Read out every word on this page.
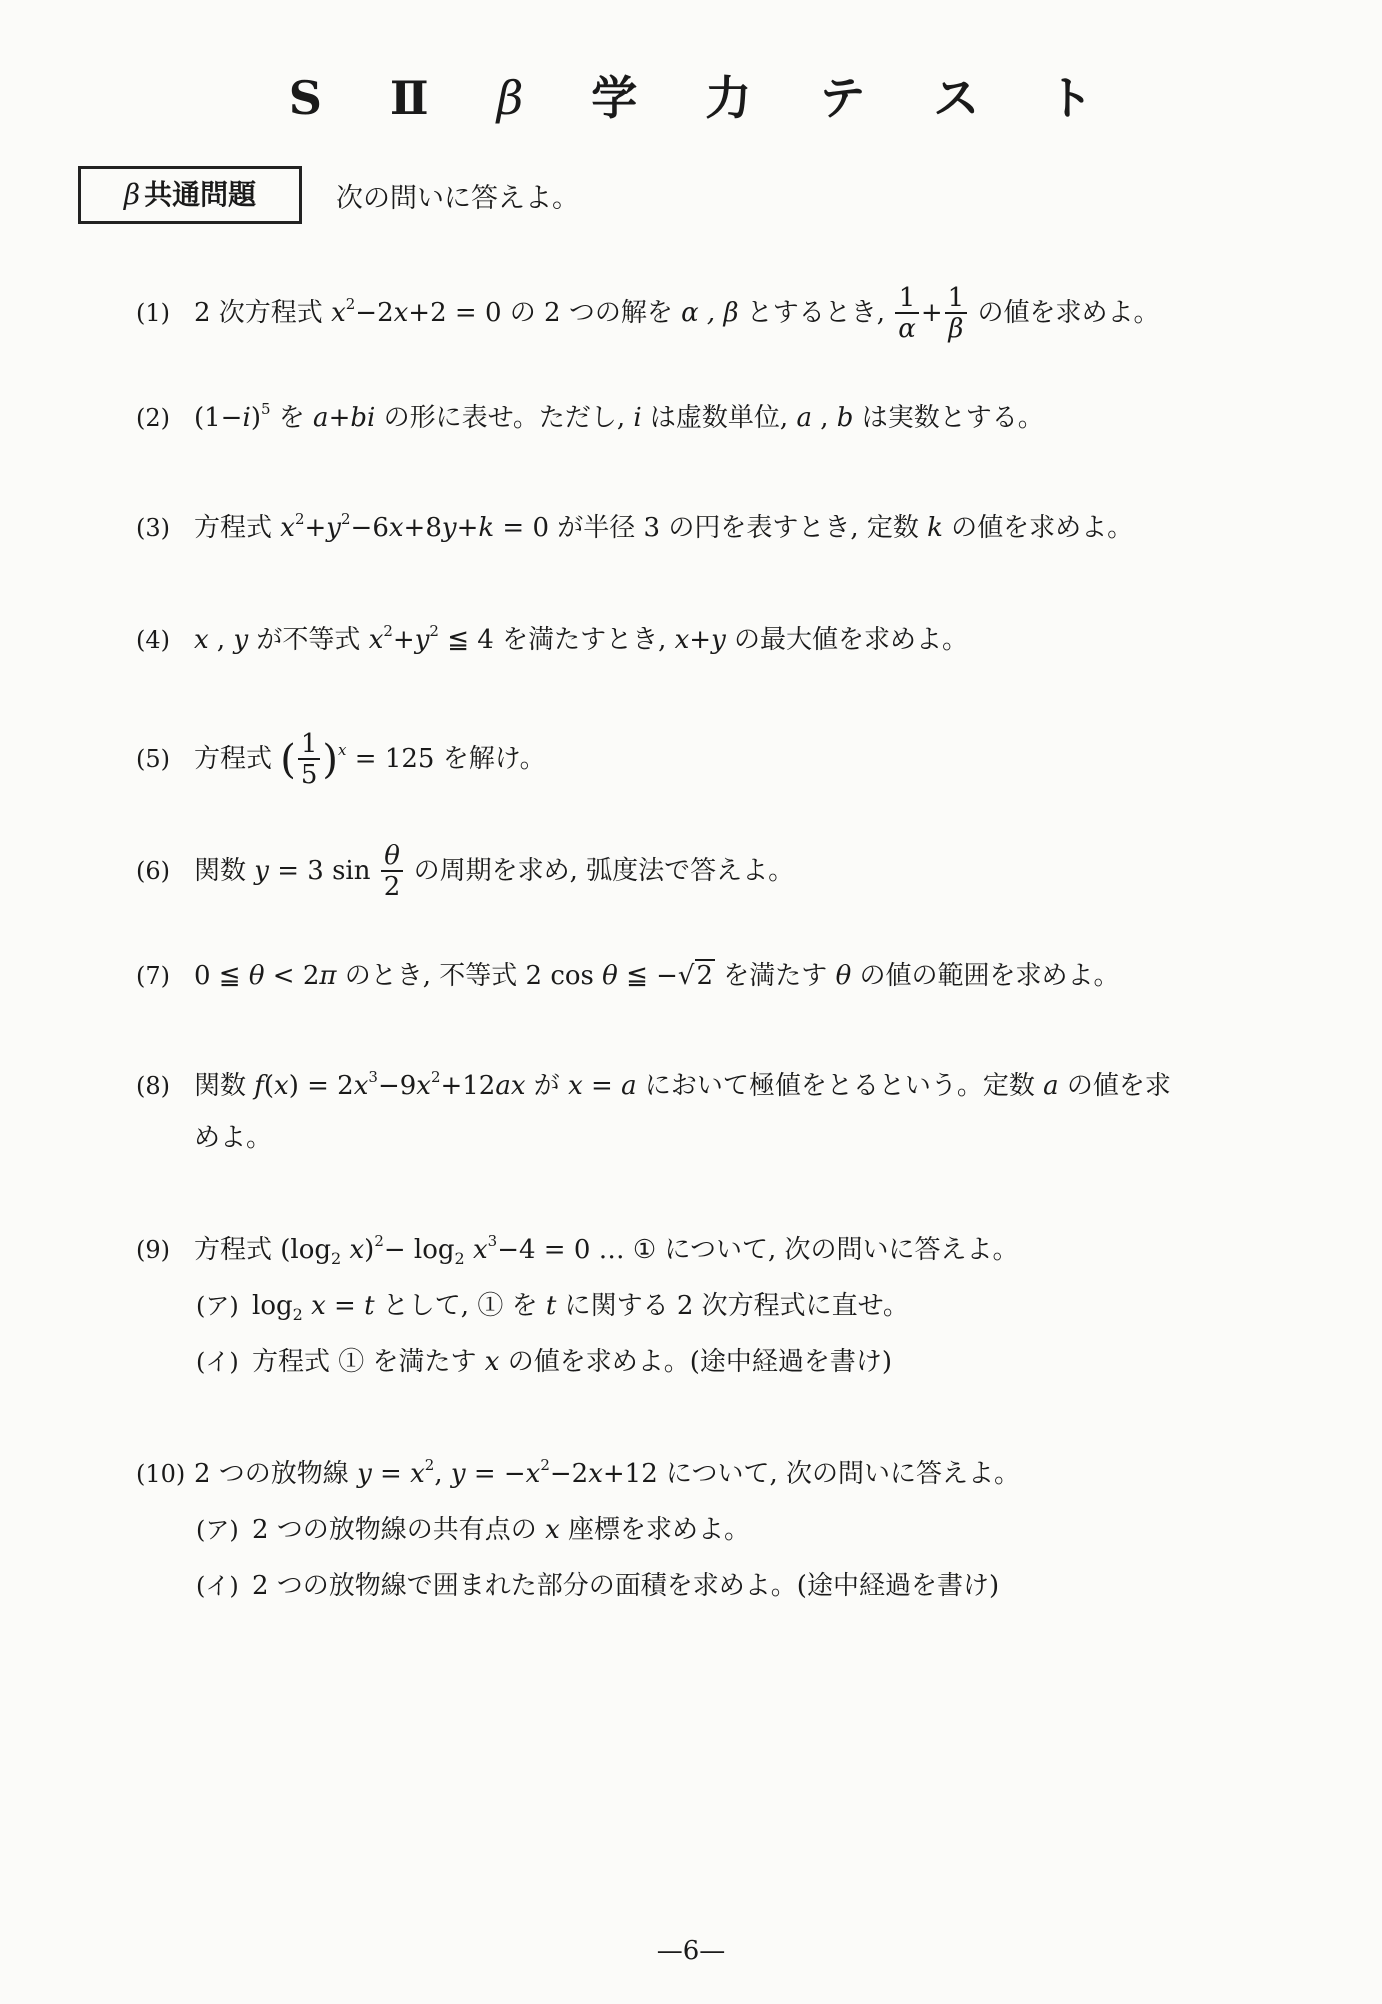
S Ⅱ β 学 力 テ ス ト
β 共通問題	次の問いに答えよ。
(1) 2 次方程式 $x^2-2x+2 = 0$ の 2 つの解を α , β とするとき, $\frac{1}{\alpha} + \frac{1}{\beta}$ の値を求めよ。
(2) $(1-i)^5$ を a+bi の形に表せ。ただし, i は虚数単位, a , b は実数とする。
(3) 方程式 $x^2+y^2-6x+8y+k = 0$ が半径 3 の円を表すとき, 定数 k の値を求めよ。
(4) x , y が不等式 $x^2+y^2$ ≦ 4 を満たすとき, x+y の最大値を求めよ。
(5) 方程式 ( $\frac{1}{5} )^x = 125$ を解け。
(6) 関数 y = 3 $\sin \frac{\theta}{2}$ の周期を求め, 弧度法で答えよ。
(7) 0 ≦ θ < 2π のとき, 不等式 2 cos θ ≦ −√2 を満たす θ の値の範囲を求めよ。
(8) 関数 $f(x) = 2x^3-9x^2+12ax$ が x = a において極値をとるという。定数 a の値を求
めよ。
(9) 方程式 ($\log_2$ $x)^2- \log_2 x^3-4 = 0$ … ① について, 次の問いに答えよ。
(ア) $\log_2 x = t$ として, ① を t に関する 2 次方程式に直せ。
(イ) 方程式 ① を満たす x の値を求めよ。(途中経過を書け)
(10) 2 つの放物線 $y = x^2$, $y = -x^2-2x+12$ について, 次の問いに答えよ。
(ア) 2 つの放物線の共有点の x 座標を求めよ。
(イ) 2 つの放物線で囲まれた部分の面積を求めよ。(途中経過を書け)
—6—
